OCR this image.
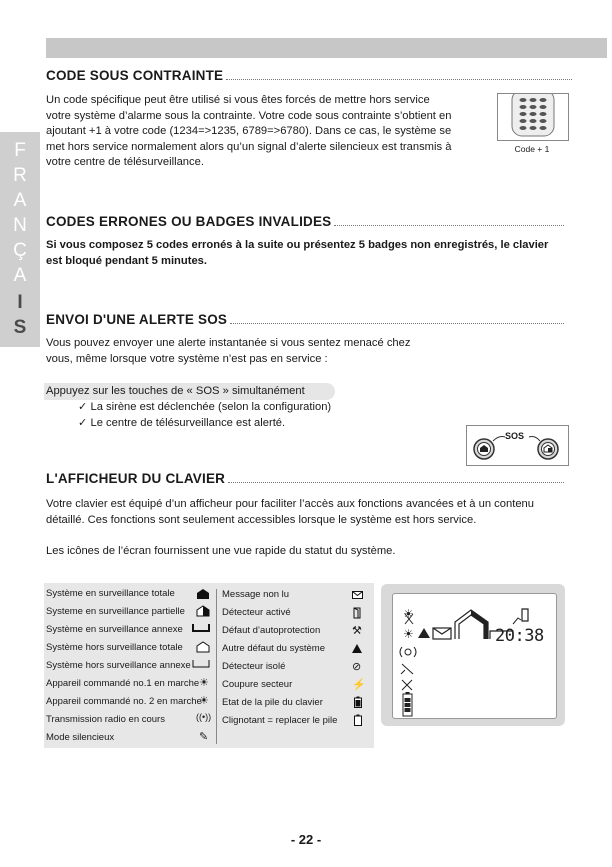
F
R
A
N
Ç
A
I
S
CODE SOUS CONTRAINTE

Un code spécifique peut être utilisé si vous êtes forcés de mettre hors service
votre système d’alarme sous la contrainte. Votre code sous contrainte s’obtient en
ajoutant +1 à votre code (1234=>1235, 6789=>6780). Dans ce cas, le système se
met hors service normalement alors qu’un signal d’alerte silencieux est transmis à
votre centre de télésurveillance.

Code + 1
CODES ERRONES OU BADGES INVALIDES

Si vous composez 5 codes erronés à la suite ou présentez 5 badges non enregistrés, le clavier
est bloqué pendant 5 minutes.

ENVOI D'UNE ALERTE SOS

Vous pouvez envoyer une alerte instantanée si vous sentez menacé chez
vous, même lorsque votre système n’est pas en service :

Appuyez sur les touches de « SOS » simultanément
✓ La sirène est déclenchée (selon la configuration)
✓ Le centre de télésurveillance est alerté.
SOS
L'AFFICHEUR DU CLAVIER

Votre clavier est équipé d’un afficheur pour faciliter l’accès aux fonctions avancées et à un contenu
détaillé. Ces fonctions sont seulement accessibles lorsque le système est hors service.

Les icônes de l’écran fournissent une vue rapide du statut du système.

Système en surveillance totale
Systeme en surveillance partielle
Système en surveillance annexe
Système hors surveillance totale
Système hors surveillance annexe
Appareil commandé no.1 en marche
Appareil commandé no. 2 en marche
Transmission radio en cours
Mode silencieux
☀
☀
((•))
✎
Message non lu
Détecteur activé
Défaut d’autoprotection
Autre défaut du système
Détecteur isolé
Coupure secteur
Etat de la pile du clavier
Clignotant = replacer le pile
⚒
⊘
⚡
☀
☀	20:38
- 22 -
